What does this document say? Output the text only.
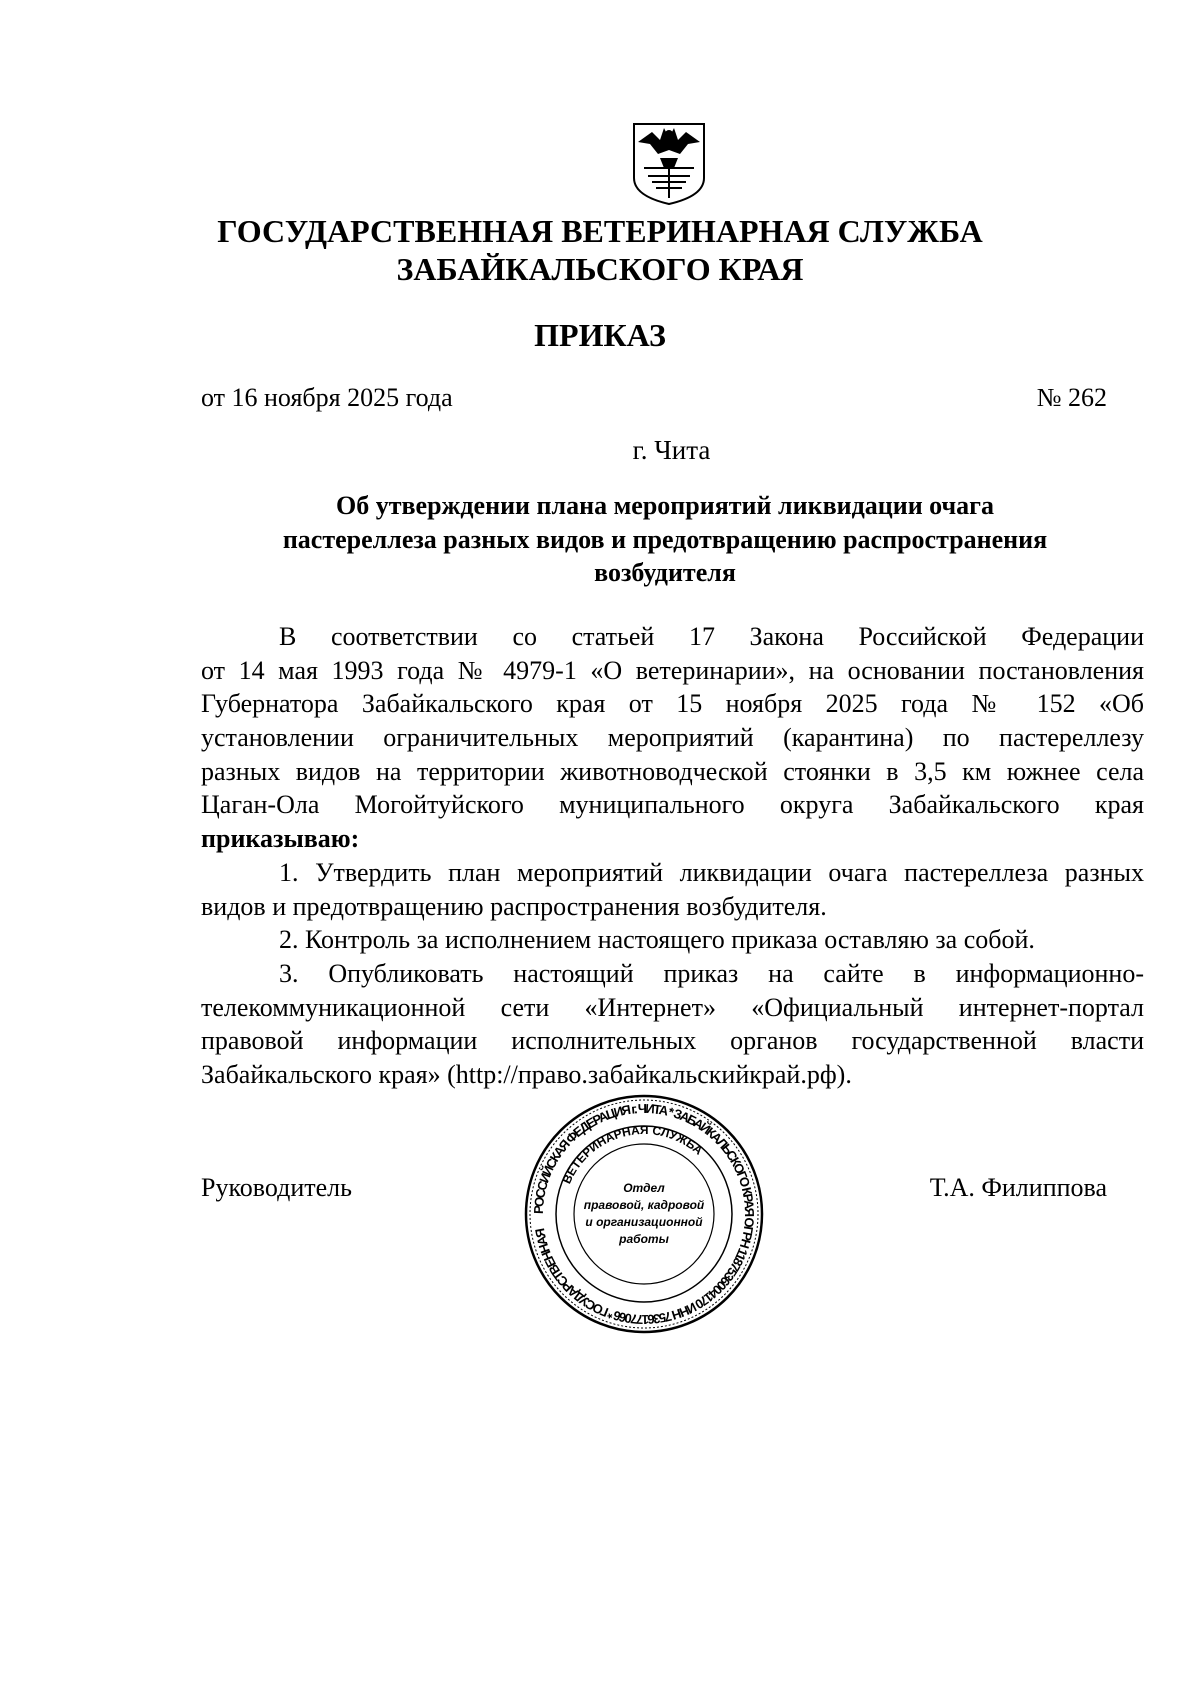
ГОСУДАРСТВЕННАЯ ВЕТЕРИНАРНАЯ СЛУЖБА
ЗАБАЙКАЛЬСКОГО КРАЯ
ПРИКАЗ
от 16 ноября 2025 года	№ 262
г. Чита
Об утверждении плана мероприятий ликвидации очага
пастереллеза разных видов и предотвращению распространения
возбудителя
В соответствии со статьей 17 Закона Российской Федерации
от 14 мая 1993 года № 4979-1 «О ветеринарии», на основании постановления
Губернатора Забайкальского края от 15 ноября 2025 года № 152 «Об
установлении ограничительных мероприятий (карантина) по пастереллезу
разных видов на территории животноводческой стоянки в 3,5 км южнее села
Цаган-Ола Могойтуйского муниципального округа Забайкальского края
приказываю:
1. Утвердить план мероприятий ликвидации очага пастереллеза разных
видов и предотвращению распространения возбудителя.
2. Контроль за исполнением настоящего приказа оставляю за собой.
3. Опубликовать настоящий приказ на сайте в информационно-
телекоммуникационной сети «Интернет» «Официальный интернет-портал
правовой информации исполнительных органов государственной власти
Забайкальского края» (http://право.забайкальскийкрай.рф).
Руководитель
РОССИЙСКАЯ ФЕДЕРАЦИЯ г. ЧИТА * ЗАБАЙКАЛЬСКОГО КРАЯ ОГРН 1187536004170 ИНН 7536177066 * ГОСУДАРСТВЕННАЯ
ВЕТЕРИНАРНАЯ СЛУЖБА
Отдел
правовой, кадровой
и организационной
работы
Т.А. Филиппова
